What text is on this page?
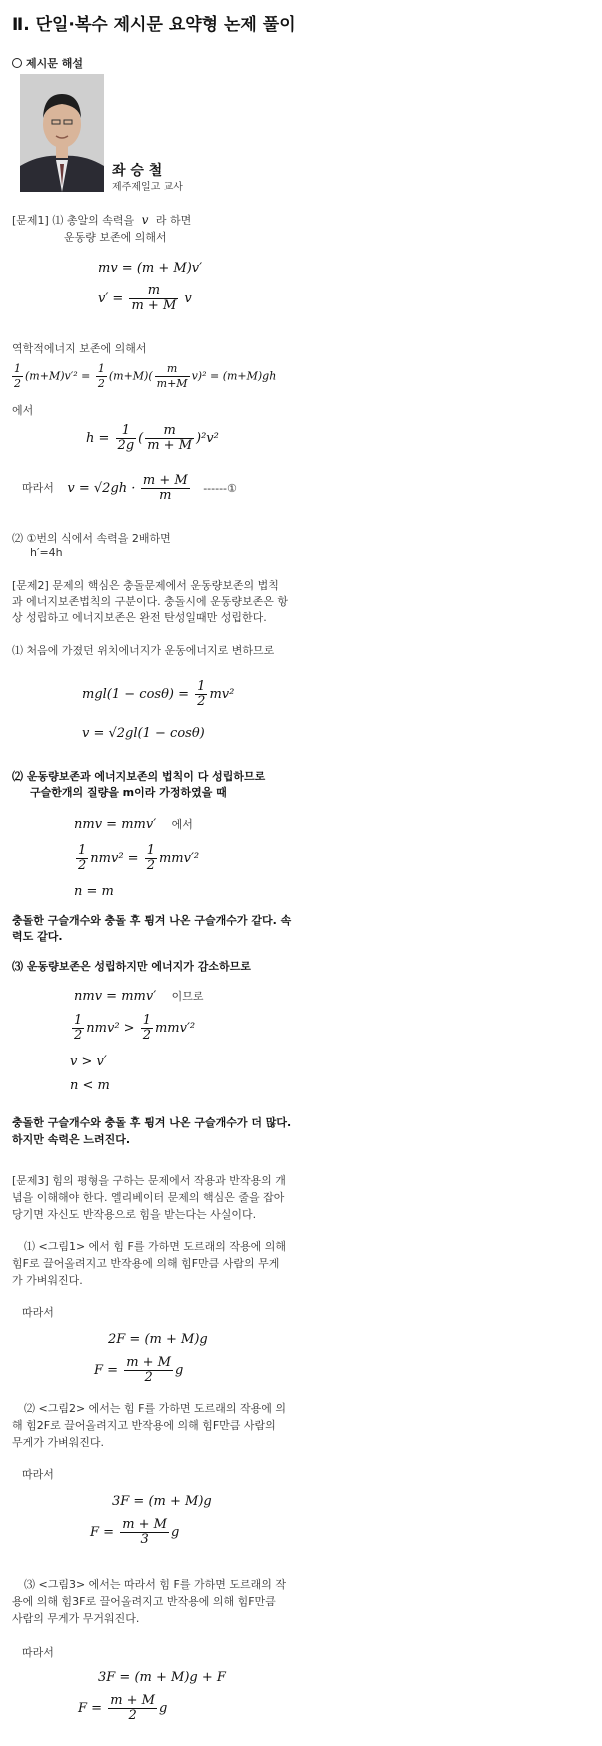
Ⅱ. 단일·복수 제시문 요약형 논제 풀이
제시문 해설
좌 승 철
제주제일고 교사
[문제1] ⑴ 총알의 속력을 v 라 하면
운동량 보존에 의해서
mv = (m + M)v′
$v' = \frac{m}{m + M}$ v
역학적에너지 보존에 의해서
$\frac{1}{2} (m+M)v'^2 = \frac{1}{2} (m+M)( \frac{m}{m+M} v)^2 = (m+M)gh$
에서
$h = \frac{1}{2g}$ ( $\frac{m}{m + M} )^2v^2$
따라서 $v = √2gh \cdot \frac{m + M}{m}$ ------①
⑵ ①번의 식에서 속력을 2배하면
h′=4h
[문제2] 문제의 핵심은 충돌문제에서 운동량보존의 법칙
과 에너지보존법칙의 구분이다. 충돌시에 운동량보존은 항
상 성립하고 에너지보존은 완전 탄성일때만 성립한다.
⑴ 처음에 가졌던 위치에너지가 운동에너지로 변하므로
$mgl(1 - \cos\theta) = \frac{1}{2} mv^2$
v = √2gl(1 − cosθ)
⑵ 운동량보존과 에너지보존의 법칙이 다 성립하므로
구슬한개의 질량을 m이라 가정하였을 때
nmv = mmv′ 에서
$\frac{1}{2} nmv^2 = \frac{1}{2} mmv'^2$
n = m
충돌한 구슬개수와 충돌 후 튕겨 나온 구슬개수가 같다. 속
력도 같다.
⑶ 운동량보존은 성립하지만 에너지가 감소하므로
nmv = mmv′ 이므로
$\frac{1}{2} nmv^2 > \frac{1}{2} mmv'^2$
v > v′
n < m
충돌한 구슬개수와 충돌 후 튕겨 나온 구슬개수가 더 많다.
하지만 속력은 느려진다.
[문제3] 힘의 평형을 구하는 문제에서 작용과 반작용의 개
념을 이해해야 한다. 엘리베이터 문제의 핵심은 줄을 잡아
당기면 자신도 반작용으로 힘을 받는다는 사실이다.
⑴ <그림1> 에서 힘 F를 가하면 도르래의 작용에 의해
힘F로 끌어올려지고 반작용에 의해 힘F만큼 사람의 무게
가 가벼워진다.
따라서
2F = (m + M)g
$F = \frac{m + M}{2}$ g
⑵ <그림2> 에서는 힘 F를 가하면 도르래의 작용에 의
해 힘2F로 끌어올려지고 반작용에 의해 힘F만큼 사람의
무게가 가벼워진다.
따라서
3F = (m + M)g
$F = \frac{m + M}{3}$ g
⑶ <그림3> 에서는 따라서 힘 F를 가하면 도르래의 작
용에 의해 힘3F로 끌어올려지고 반작용에 의해 힘F만큼
사람의 무게가 무거워진다.
따라서
3F = (m + M)g + F
$F = \frac{m + M}{2}$ g
